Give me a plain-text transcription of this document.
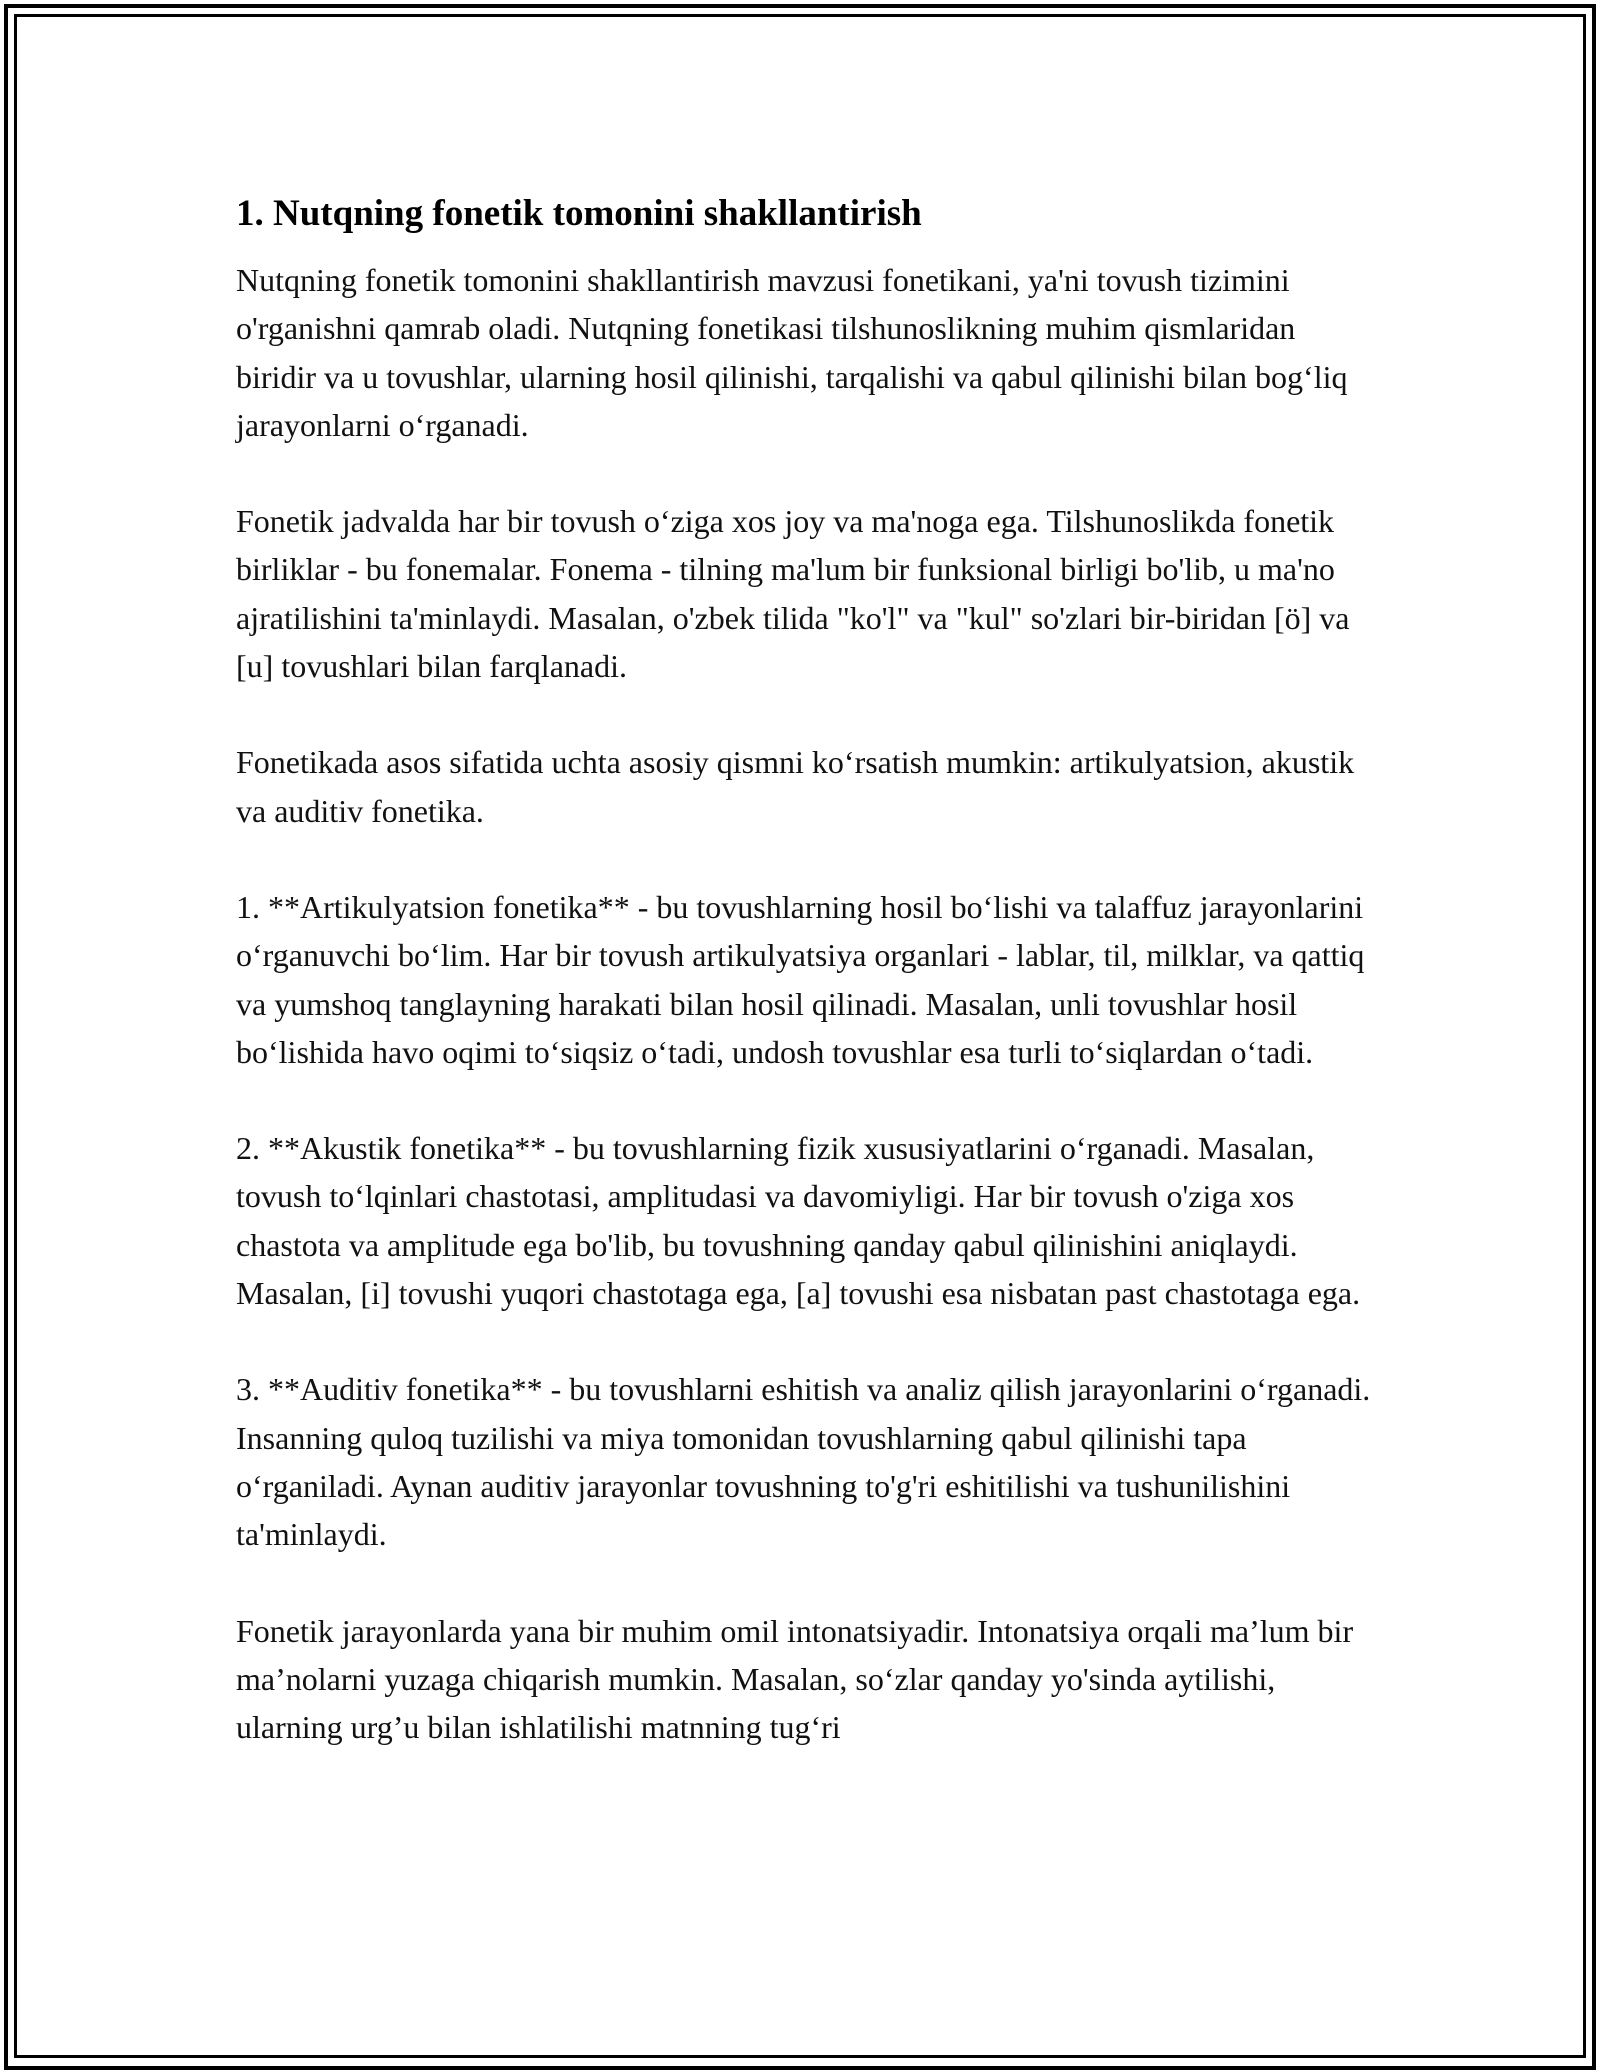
1. Nutqning fonetik tomonini shakllantirish

Nutqning fonetik tomonini shakllantirish mavzusi fonetikani, ya'ni tovush tizimini o'rganishni qamrab oladi. Nutqning fonetikasi tilshunoslikning muhim qismlaridan biridir va u tovushlar, ularning hosil qilinishi, tarqalishi va qabul qilinishi bilan bog‘liq jarayonlarni o‘rganadi.

Fonetik jadvalda har bir tovush o‘ziga xos joy va ma'noga ega. Tilshunoslikda fonetik birliklar - bu fonemalar. Fonema - tilning ma'lum bir funksional birligi bo'lib, u ma'no ajratilishini ta'minlaydi. Masalan, o'zbek tilida "ko'l" va "kul" so'zlari bir-biridan [ö] va [u] tovushlari bilan farqlanadi.

Fonetikada asos sifatida uchta asosiy qismni ko‘rsatish mumkin: artikulyatsion, akustik va auditiv fonetika.

1. **Artikulyatsion fonetika** - bu tovushlarning hosil bo‘lishi va talaffuz jarayonlarini o‘rganuvchi bo‘lim. Har bir tovush artikulyatsiya organlari - lablar, til, milklar, va qattiq va yumshoq tanglayning harakati bilan hosil qilinadi. Masalan, unli tovushlar hosil bo‘lishida havo oqimi to‘siqsiz o‘tadi, undosh tovushlar esa turli to‘siqlardan o‘tadi.

2. **Akustik fonetika** - bu tovushlarning fizik xususiyatlarini o‘rganadi. Masalan, tovush to‘lqinlari chastotasi, amplitudasi va davomiyligi. Har bir tovush o'ziga xos chastota va amplitude ega bo'lib, bu tovushning qanday qabul qilinishini aniqlaydi. Masalan, [i] tovushi yuqori chastotaga ega, [a] tovushi esa nisbatan past chastotaga ega.

3. **Auditiv fonetika** - bu tovushlarni eshitish va analiz qilish jarayonlarini o‘rganadi. Insanning quloq tuzilishi va miya tomonidan tovushlarning qabul qilinishi tapa o‘rganiladi. Aynan auditiv jarayonlar tovushning to'g'ri eshitilishi va tushunilishini ta'minlaydi.

Fonetik jarayonlarda yana bir muhim omil intonatsiyadir. Intonatsiya orqali ma’lum bir ma’nolarni yuzaga chiqarish mumkin. Masalan, so‘zlar qanday yo'sinda aytilishi, ularning urg’u bilan ishlatilishi matnning tug‘ri
